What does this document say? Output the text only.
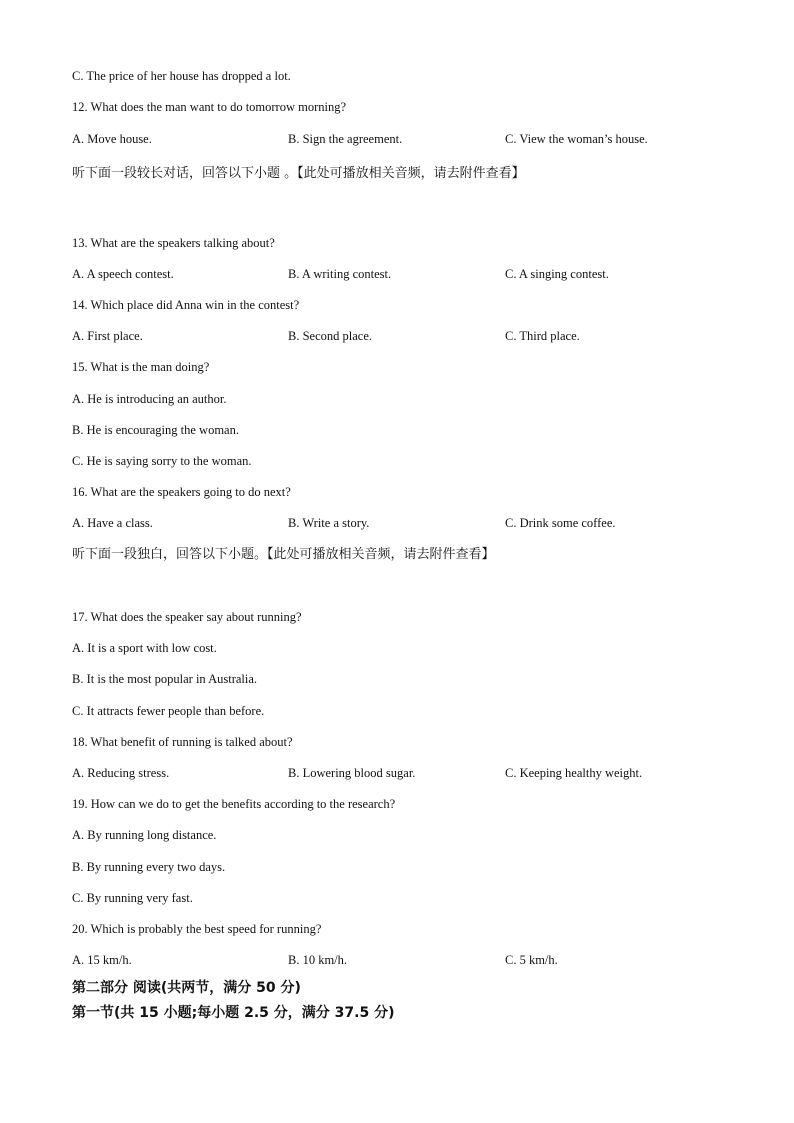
C. The price of her house has dropped a lot.
12. What does the man want to do tomorrow morning?
A. Move house.	B. Sign the agreement.	C. View the woman’s house.
听下面一段较长对话，回答以下小题 。【此处可播放相关音频，请去附件查看】
13. What are the speakers talking about?
A. A speech contest.	B. A writing contest.	C. A singing contest.
14. Which place did Anna win in the contest?
A. First place.	B. Second place.	C. Third place.
15. What is the man doing?
A. He is introducing an author.
B. He is encouraging the woman.
C. He is saying sorry to the woman.
16. What are the speakers going to do next?
A. Have a class.	B. Write a story.	C. Drink some coffee.
听下面一段独白，回答以下小题。【此处可播放相关音频，请去附件查看】
17. What does the speaker say about running?
A. It is a sport with low cost.
B. It is the most popular in Australia.
C. It attracts fewer people than before.
18. What benefit of running is talked about?
A. Reducing stress.	B. Lowering blood sugar.	C. Keeping healthy weight.
19. How can we do to get the benefits according to the research?
A. By running long distance.
B. By running every two days.
C. By running very fast.
20. Which is probably the best speed for running?
A. 15 km/h.	B. 10 km/h.	C. 5 km/h.
第二部分 阅读(共两节，满分 50 分)
第一节(共 15 小题;每小题 2.5 分，满分 37.5 分)
